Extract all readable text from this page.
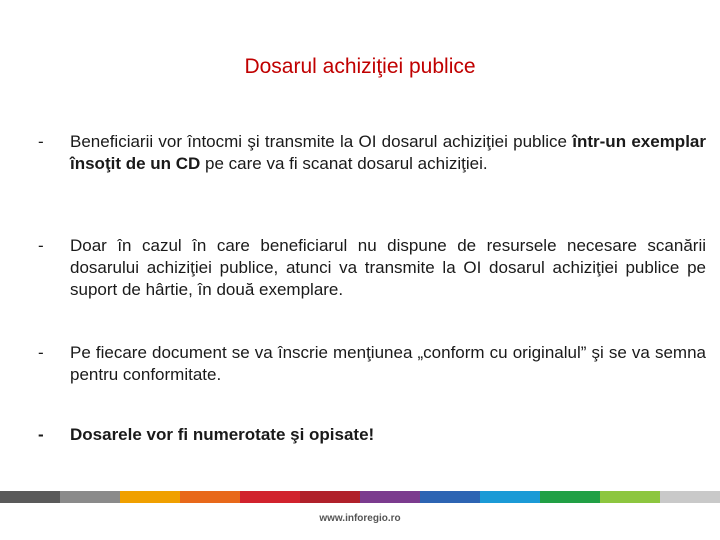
Dosarul achiziţiei publice
- Beneficiarii vor întocmi şi transmite la OI dosarul achiziţiei publice într-un exemplar însoţit de un CD pe care va fi scanat dosarul achiziţiei.
- Doar în cazul în care beneficiarul nu dispune de resursele necesare scanării dosarului achiziţiei publice, atunci va transmite la OI dosarul achiziţiei publice pe suport de hârtie, în două exemplare.
- Pe fiecare document se va înscrie menţiunea „conform cu originalul” şi se va semna pentru conformitate.
- Dosarele vor fi numerotate şi opisate!
www.inforegio.ro
